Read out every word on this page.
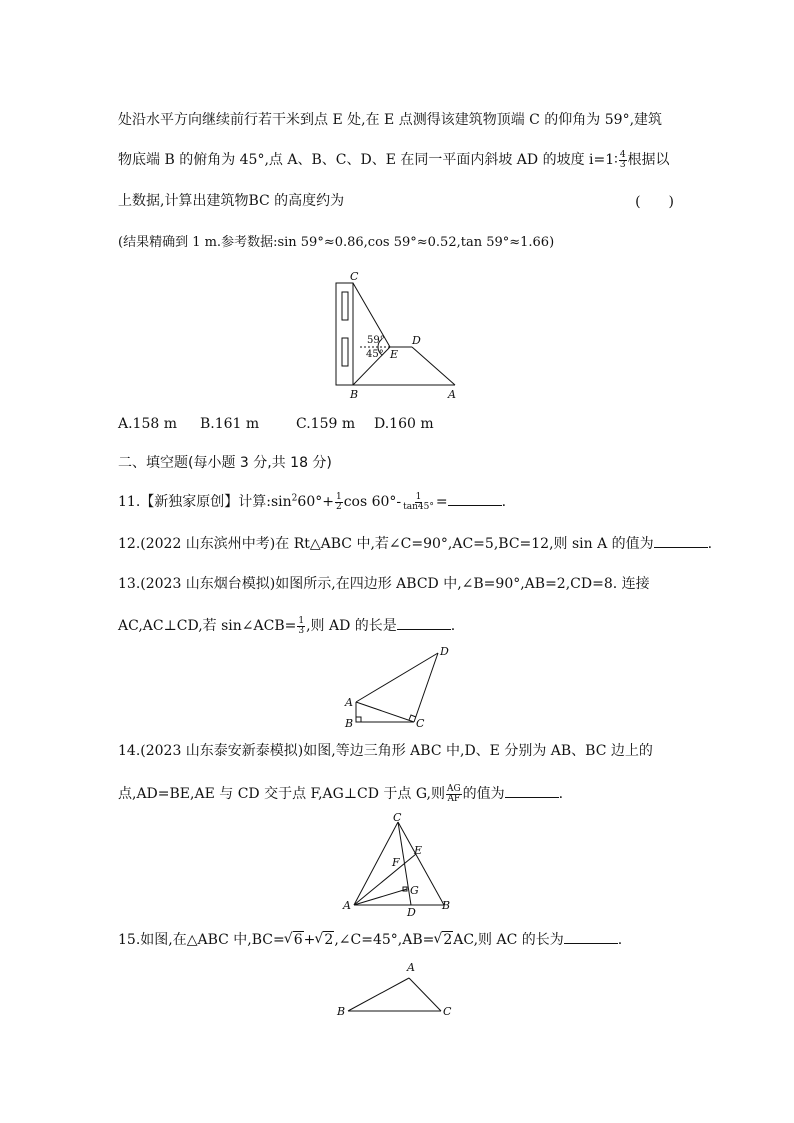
处沿水平方向继续前行若干米到点 E 处,在 E 点测得该建筑物顶端 C 的仰角为 59°,建筑
物底端 B 的俯角为 45°,点 A、B、C、D、E 在同一平面内斜坡 AD 的坡度 i=1∶ $\frac{4}{3}$ 根据以
上数据,计算出建筑物BC 的高度约为	(　　)
(结果精确到 1 m.参考数据:sin 59°≈0.86,cos 59°≈0.52,tan 59°≈1.66)
C
D
E
B	A
59°
45°
A.158 m B.161 m	C.159 m D.160 m
二、填空题(每小题 3 分,共 18 分)
11.【新独家原创】计算$:\sin^260^\circ+ \frac{1}{2}$ $\cos 60^\circ- \frac{1}{\tan 45^\circ}$ =	.
12.(2022 山东滨州中考)在 Rt△ABC 中,若∠C=90°,AC=5,BC=12,则 sin A 的值为	.
13.(2023 山东烟台模拟)如图所示,在四边形 ABCD 中,∠B=90°,AB=2,CD=8. 连接
AC,AC⊥CD,若 sin∠ACB= $\frac{1}{3}$ ,则 AD 的长是	.
D
A
B	C
14.(2023 山东泰安新泰模拟)如图,等边三角形 ABC 中,D、E 分别为 AB、BC 边上的
点,AD=BE,AE 与 CD 交于点 F,AG⊥CD 于点 G,则 $\frac{AG}{AF}$ 的值为	.
C
E
F
G
A
D
B
15.如图,在△ABC 中,BC= √ 6+ √ 2,∠C=45°,AB= √ 2AC,则 AC 的长为	.
A
B	C
